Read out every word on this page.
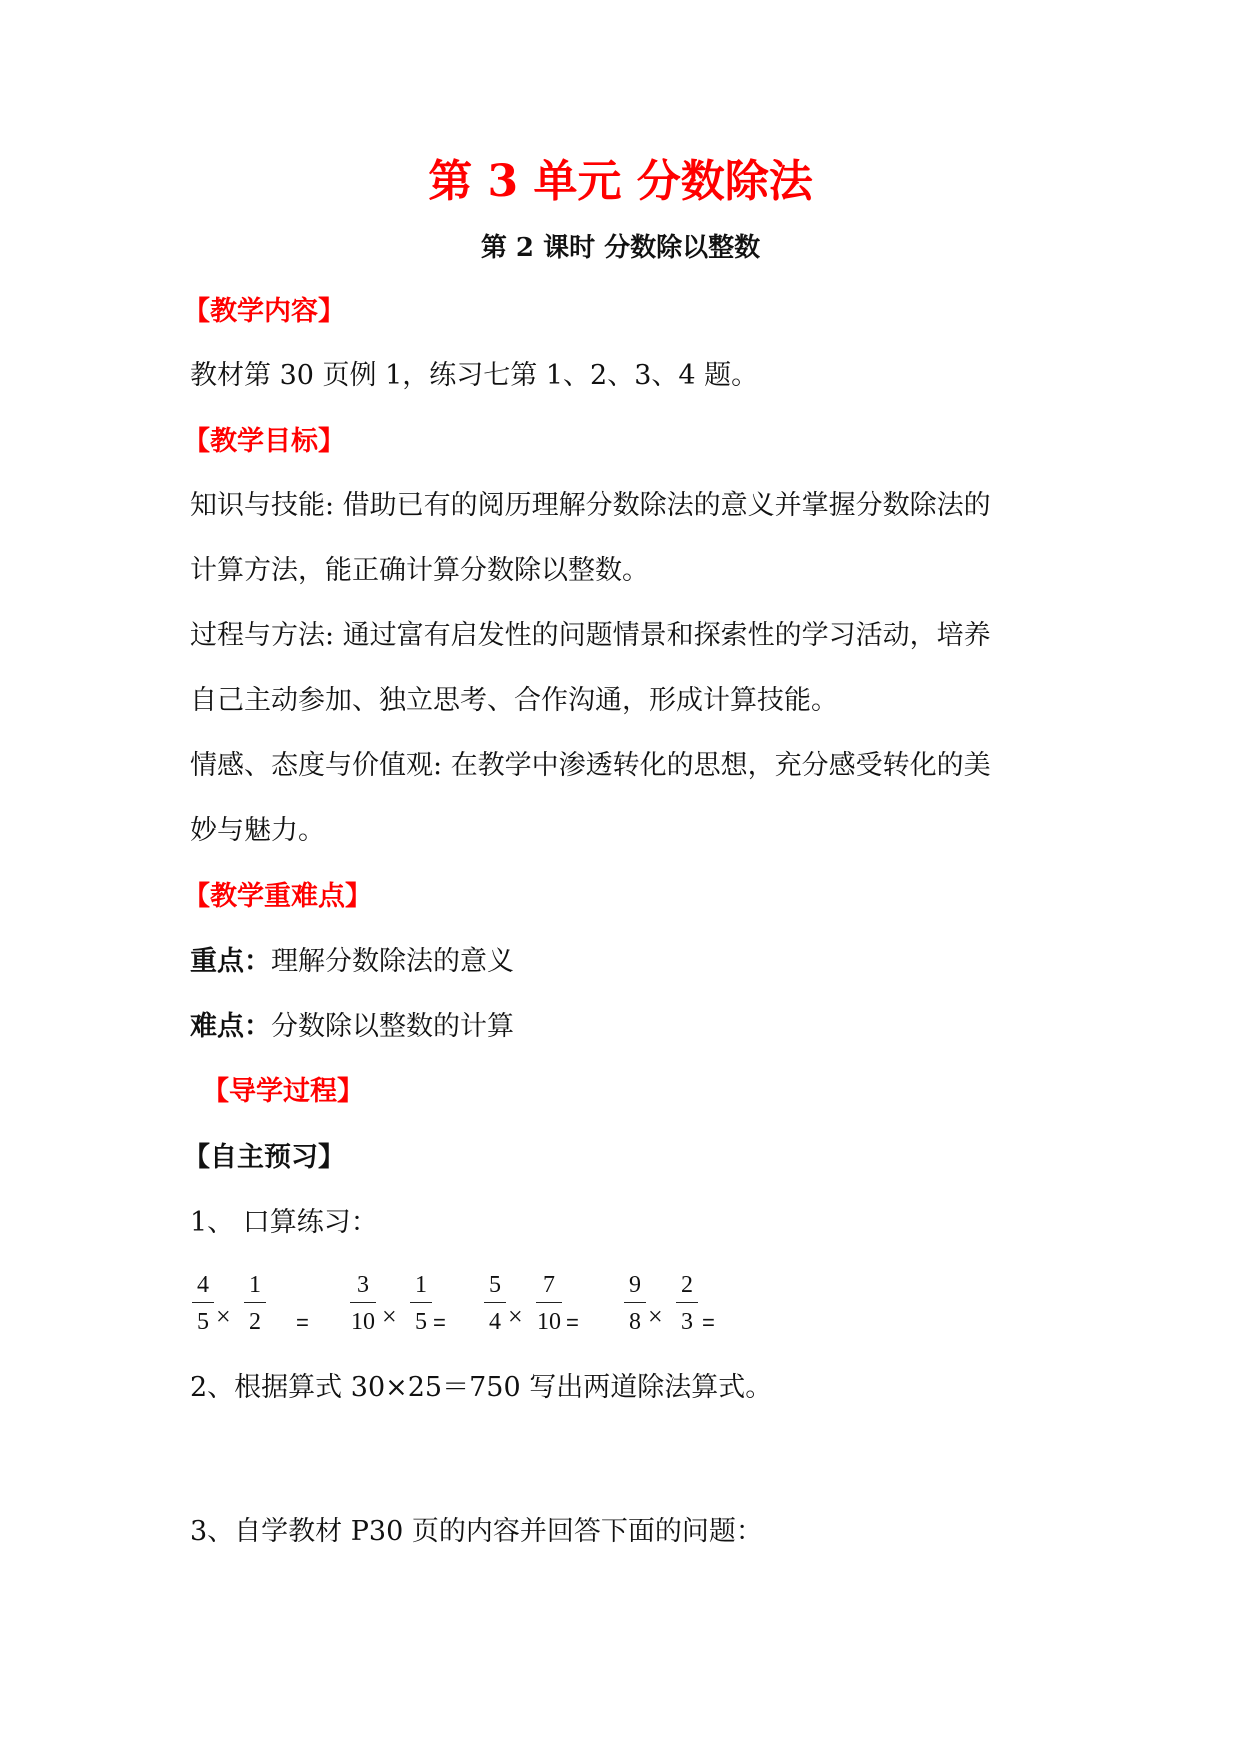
第 3 单元 分数除法
第 2 课时 分数除以整数
【教学内容】
教材第 30 页例 1，练习七第 1、2、3、4 题。
【教学目标】
知识与技能: 借助已有的阅历理解分数除法的意义并掌握分数除法的
计算方法，能正确计算分数除以整数。
过程与方法: 通过富有启发性的问题情景和探索性的学习活动，培养
自己主动参加、独立思考、合作沟通，形成计算技能。
情感、态度与价值观: 在教学中渗透转化的思想，充分感受转化的美
妙与魅力。
【教学重难点】
重点：理解分数除法的意义
难点：分数除以整数的计算
【导学过程】
【自主预习】
1、 口算练习：
4
5 ×
1
2	=
3
10 ×
1
5 =
5
4 ×
7
10 =
9
8 ×
2
3 =
2、根据算式 30×25＝750 写出两道除法算式。
3、自学教材 P30 页的内容并回答下面的问题：
